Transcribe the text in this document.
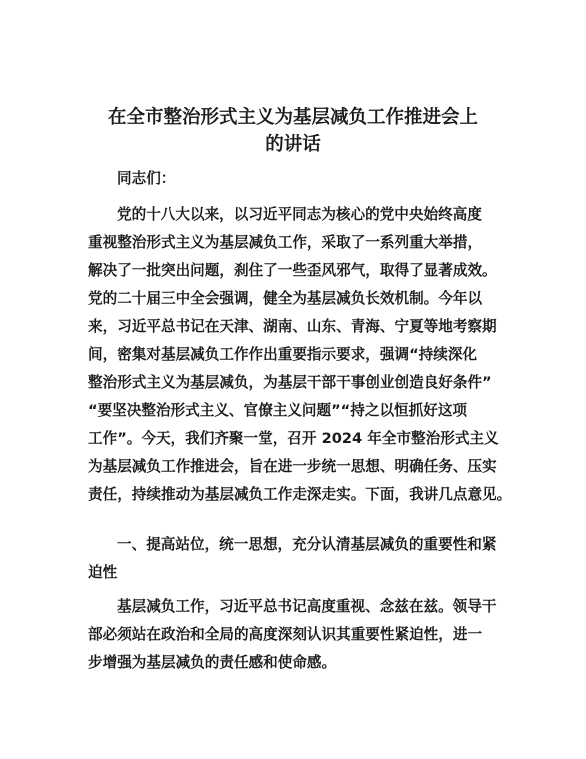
在全市整治形式主义为基层减负工作推进会上
的讲话

同志们：

党的十八大以来，以习近平同志为核心的党中央始终高度

重视整治形式主义为基层减负工作，采取了一系列重大举措，

解决了一批突出问题，刹住了一些歪风邪气，取得了显著成效。

党的二十届三中全会强调，健全为基层减负长效机制。今年以

来，习近平总书记在天津、湖南、山东、青海、宁夏等地考察期

间，密集对基层减负工作作出重要指示要求，强调“持续深化

整治形式主义为基层减负，为基层干部干事创业创造良好条件”

“要坚决整治形式主义、官僚主义问题”“持之以恒抓好这项

工作”。今天，我们齐聚一堂，召开 2024 年全市整治形式主义

为基层减负工作推进会，旨在进一步统一思想、明确任务、压实

责任，持续推动为基层减负工作走深走实。下面，我讲几点意见。

一、提高站位，统一思想，充分认清基层减负的重要性和紧

迫性

基层减负工作，习近平总书记高度重视、念兹在兹。领导干

部必须站在政治和全局的高度深刻认识其重要性紧迫性，进一

步增强为基层减负的责任感和使命感。
